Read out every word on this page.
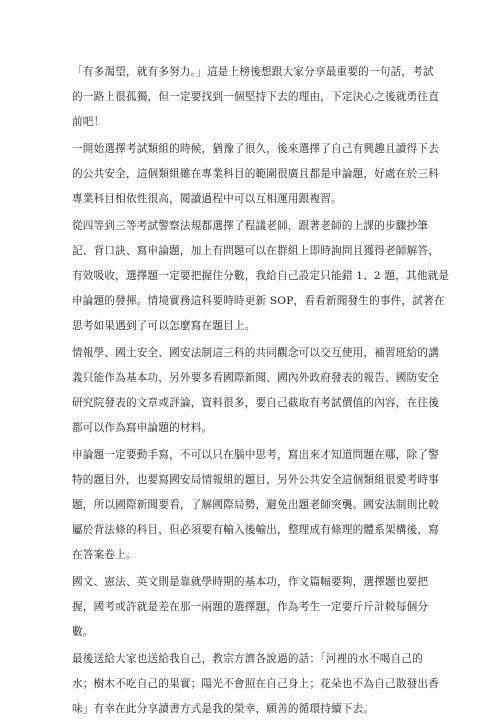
「有多渴望，就有多努力。」這是上榜後想跟大家分享最重要的一句話，考試
的一路上很孤獨，但一定要找到一個堅持下去的理由，下定決心之後就勇往直
前吧！

一開始選擇考試類組的時候，猶豫了很久，後來選擇了自己有興趣且讀得下去
的公共安全，這個類組雖在專業科目的範圍很廣且都是申論題，好處在於三科
專業科目相依性很高，閱讀過程中可以互相運用跟複習。

從四等到三等考試警察法規都選擇了程議老師，跟著老師的上課的步驟抄筆
記、背口訣、寫申論題，加上有問題可以在群組上即時詢問且獲得老師解答，
有效吸收，選擇題一定要把握住分數，我給自己設定只能錯 1、2 題，其他就是
申論題的發揮。情境實務這科要時時更新 SOP，看看新聞發生的事件，試著在
思考如果遇到了可以怎麼寫在題目上。

情報學、國土安全、國安法制這三科的共同觀念可以交互使用，補習班給的講
義只能作為基本功，另外要多看國際新聞、國內外政府發表的報告、國防安全
研究院發表的文章或評論，資料很多，要自己截取有考試價值的內容，在往後
都可以作為寫申論題的材料。

申論題一定要動手寫，不可以只在腦中思考，寫出來才知道問題在哪，除了警
特的題目外，也要寫國安局情報組的題目，另外公共安全這個類組很愛考時事
題，所以國際新聞要看，了解國際局勢，避免出題老師突襲。國安法制則比較
屬於背法條的科目，但必須要有輸入後輸出，整理成有條理的體系架構後，寫
在答案卷上。

國文、憲法、英文則是靠就學時期的基本功，作文篇幅要夠，選擇題也要把
握，國考或許就是差在那一兩題的選擇題，作為考生一定要斤斤計較每個分
數。

最後送給大家也送給我自己，教宗方濟各說過的話：「河裡的水不喝自己的
水；樹木不吃自己的果實；陽光不會照在自己身上；花朵也不為自己散發出香
味」有幸在此分享讀書方式是我的榮幸，願善的循環持續下去。
